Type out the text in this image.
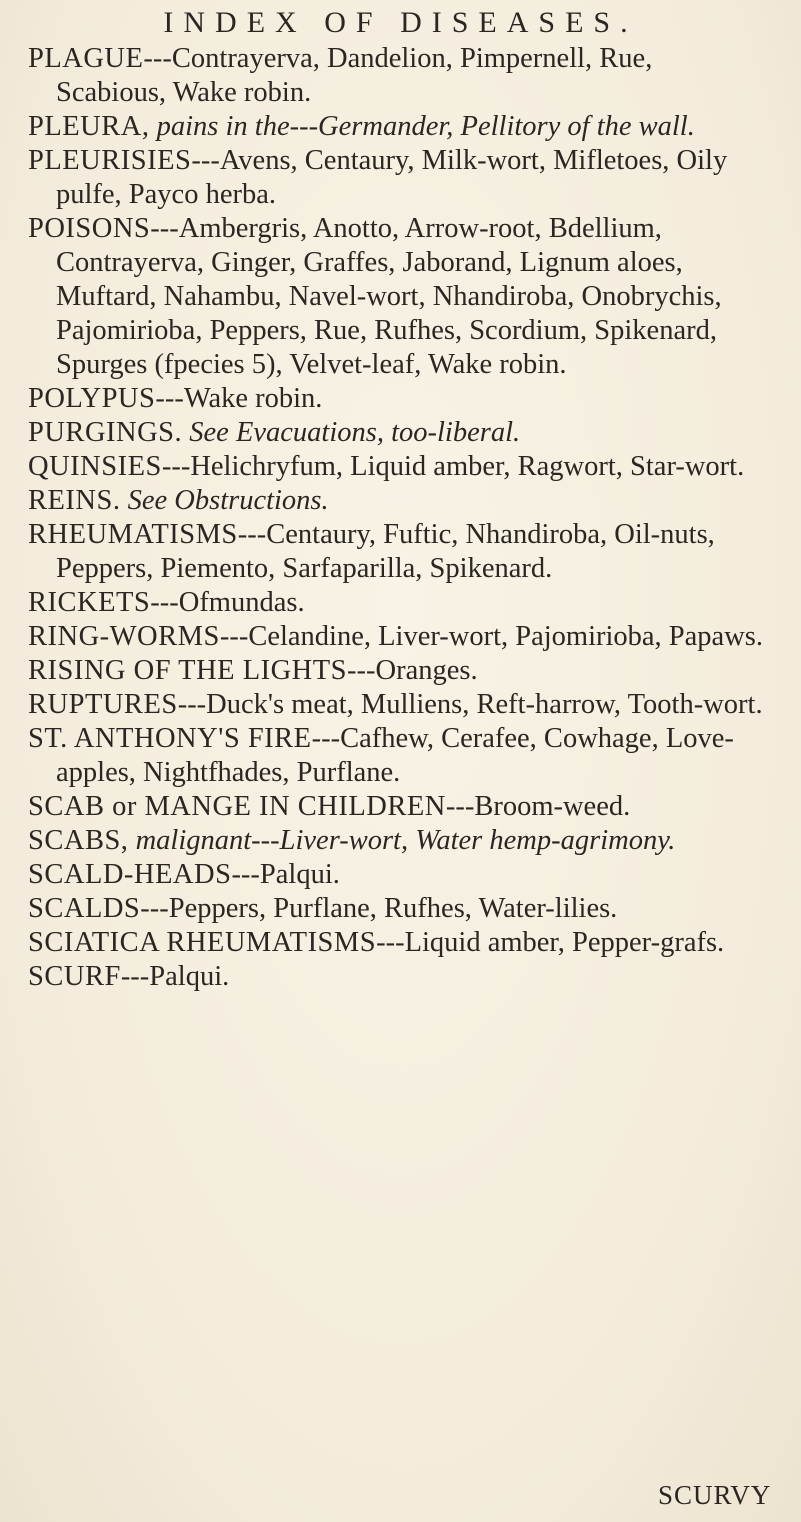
INDEX OF DISEASES.

PLAGUE---Contrayerva, Dandelion, Pimpernell, Rue, Scabious, Wake robin.

PLEURA, pains in the---Germander, Pellitory of the wall.

PLEURISIES---Avens, Centaury, Milk-wort, Mifletoes, Oily pulfe, Payco herba.

POISONS---Ambergris, Anotto, Arrow-root, Bdellium, Contrayerva, Ginger, Graffes, Jaborand, Lignum aloes, Muftard, Nahambu, Navel-wort, Nhandiroba, Onobrychis, Pajomirioba, Peppers, Rue, Rufhes, Scordium, Spikenard, Spurges (fpecies 5), Velvet-leaf, Wake robin.

POLYPUS---Wake robin.

PURGINGS. See Evacuations, too-liberal.

QUINSIES---Helichryfum, Liquid amber, Ragwort, Star-wort.

REINS. See Obstructions.

RHEUMATISMS---Centaury, Fuftic, Nhandiroba, Oil-nuts, Peppers, Piemento, Sarfaparilla, Spikenard.

RICKETS---Ofmundas.

RING-WORMS---Celandine, Liver-wort, Pajomirioba, Papaws.

RISING OF THE LIGHTS---Oranges.

RUPTURES---Duck's meat, Mulliens, Reft-harrow, Tooth-wort.

ST. ANTHONY'S FIRE---Cafhew, Cerafee, Cowhage, Love-apples, Nightfhades, Purflane.

SCAB or MANGE IN CHILDREN---Broom-weed.

SCABS, malignant---Liver-wort, Water hemp-agrimony.

SCALD-HEADS---Palqui.

SCALDS---Peppers, Purflane, Rufhes, Water-lilies.

SCIATICA RHEUMATISMS---Liquid amber, Pepper-grafs.

SCURF---Palqui.

SCURVY
